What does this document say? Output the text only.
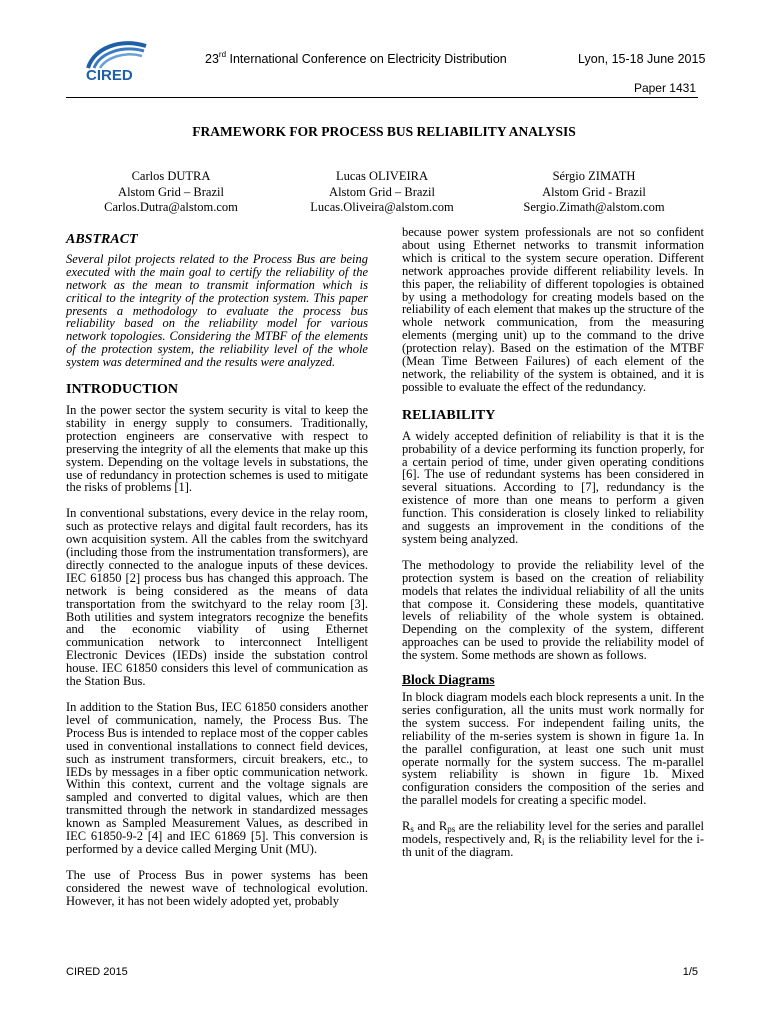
CIRED
23rd International Conference on Electricity Distribution	Lyon, 15-18 June 2015
Paper 1431
FRAMEWORK FOR PROCESS BUS RELIABILITY ANALYSIS
Carlos DUTRA
Alstom Grid – Brazil
Carlos.Dutra@alstom.com
Lucas OLIVEIRA
Alstom Grid – Brazil
Lucas.Oliveira@alstom.com
Sérgio ZIMATH
Alstom Grid - Brazil
Sergio.Zimath@alstom.com
ABSTRACT

Several pilot projects related to the Process Bus are being executed with the main goal to certify the reliability of the network as the mean to transmit information which is critical to the integrity of the protection system. This paper presents a methodology to evaluate the process bus reliability based on the reliability model for various network topologies. Considering the MTBF of the elements of the protection system, the reliability level of the whole system was determined and the results were analyzed.

INTRODUCTION

In the power sector the system security is vital to keep the stability in energy supply to consumers. Traditionally, protection engineers are conservative with respect to preserving the integrity of all the elements that make up this system. Depending on the voltage levels in substations, the use of redundancy in protection schemes is used to mitigate the risks of problems [1].

In conventional substations, every device in the relay room, such as protective relays and digital fault recorders, has its own acquisition system. All the cables from the switchyard (including those from the instrumentation transformers), are directly connected to the analogue inputs of these devices. IEC 61850 [2] process bus has changed this approach. The network is being considered as the means of data transportation from the switchyard to the relay room [3]. Both utilities and system integrators recognize the benefits and the economic viability of using Ethernet communication network to interconnect Intelligent Electronic Devices (IEDs) inside the substation control house. IEC 61850 considers this level of communication as the Station Bus.

In addition to the Station Bus, IEC 61850 considers another level of communication, namely, the Process Bus. The Process Bus is intended to replace most of the copper cables used in conventional installations to connect field devices, such as instrument transformers, circuit breakers, etc., to IEDs by messages in a fiber optic communication network. Within this context, current and the voltage signals are sampled and converted to digital values, which are then transmitted through the network in standardized messages known as Sampled Measurement Values, as described in IEC 61850-9-2 [4] and IEC 61869 [5]. This conversion is performed by a device called Merging Unit (MU).

The use of Process Bus in power systems has been considered the newest wave of technological evolution. However, it has not been widely adopted yet, probably

because power system professionals are not so confident about using Ethernet networks to transmit information which is critical to the system secure operation. Different network approaches provide different reliability levels. In this paper, the reliability of different topologies is obtained by using a methodology for creating models based on the reliability of each element that makes up the structure of the whole network communication, from the measuring elements (merging unit) up to the command to the drive (protection relay). Based on the estimation of the MTBF (Mean Time Between Failures) of each element of the network, the reliability of the system is obtained, and it is possible to evaluate the effect of the redundancy.

RELIABILITY

A widely accepted definition of reliability is that it is the probability of a device performing its function properly, for a certain period of time, under given operating conditions [6]. The use of redundant systems has been considered in several situations. According to [7], redundancy is the existence of more than one means to perform a given function. This consideration is closely linked to reliability and suggests an improvement in the conditions of the system being analyzed.

The methodology to provide the reliability level of the protection system is based on the creation of reliability models that relates the individual reliability of all the units that compose it. Considering these models, quantitative levels of reliability of the whole system is obtained. Depending on the complexity of the system, different approaches can be used to provide the reliability model of the system. Some methods are shown as follows.

Block Diagrams

In block diagram models each block represents a unit. In the series configuration, all the units must work normally for the system success. For independent failing units, the reliability of the m-series system is shown in figure 1a. In the parallel configuration, at least one such unit must operate normally for the system success. The m-parallel system reliability is shown in figure 1b. Mixed configuration considers the composition of the series and the parallel models for creating a specific model.

$R_s$ and $R_{ps}$ are the reliability level for the series and parallel models, respectively and, $R_i$ is the reliability level for the i-th unit of the diagram.

CIRED 2015	1/5
